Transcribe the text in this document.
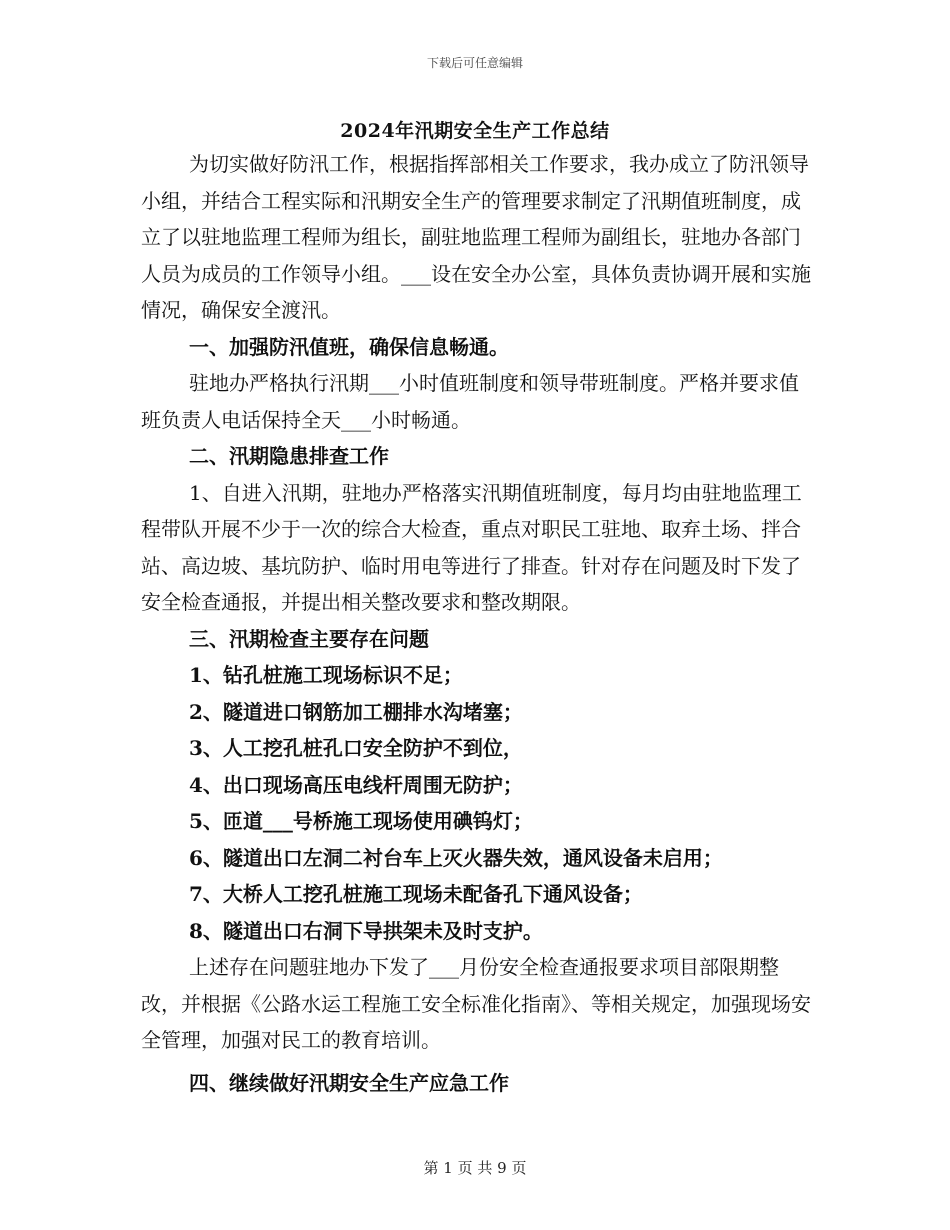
下载后可任意编辑
2024年汛期安全生产工作总结

为切实做好防汛工作，根据指挥部相关工作要求，我办成立了防汛领导小组，并结合工程实际和汛期安全生产的管理要求制定了汛期值班制度，成立了以驻地监理工程师为组长，副驻地监理工程师为副组长，驻地办各部门人员为成员的工作领导小组。___设在安全办公室，具体负责协调开展和实施情况，确保安全渡汛。

一、加强防汛值班，确保信息畅通。

驻地办严格执行汛期___小时值班制度和领导带班制度。严格并要求值班负责人电话保持全天___小时畅通。

二、汛期隐患排查工作

1、自进入汛期，驻地办严格落实汛期值班制度，每月均由驻地监理工程带队开展不少于一次的综合大检查，重点对职民工驻地、取弃土场、拌合站、高边坡、基坑防护、临时用电等进行了排查。针对存在问题及时下发了安全检查通报，并提出相关整改要求和整改期限。

三、汛期检查主要存在问题

1、钻孔桩施工现场标识不足；

2、隧道进口钢筋加工棚排水沟堵塞；

3、人工挖孔桩孔口安全防护不到位，

4、出口现场高压电线杆周围无防护；

5、匝道___号桥施工现场使用碘钨灯；

6、隧道出口左洞二衬台车上灭火器失效，通风设备未启用；

7、大桥人工挖孔桩施工现场未配备孔下通风设备；

8、隧道出口右洞下导拱架未及时支护。

上述存在问题驻地办下发了___月份安全检查通报要求项目部限期整改，并根据《公路水运工程施工安全标准化指南》、等相关规定，加强现场安全管理，加强对民工的教育培训。

四、继续做好汛期安全生产应急工作

第 1 页 共 9 页
